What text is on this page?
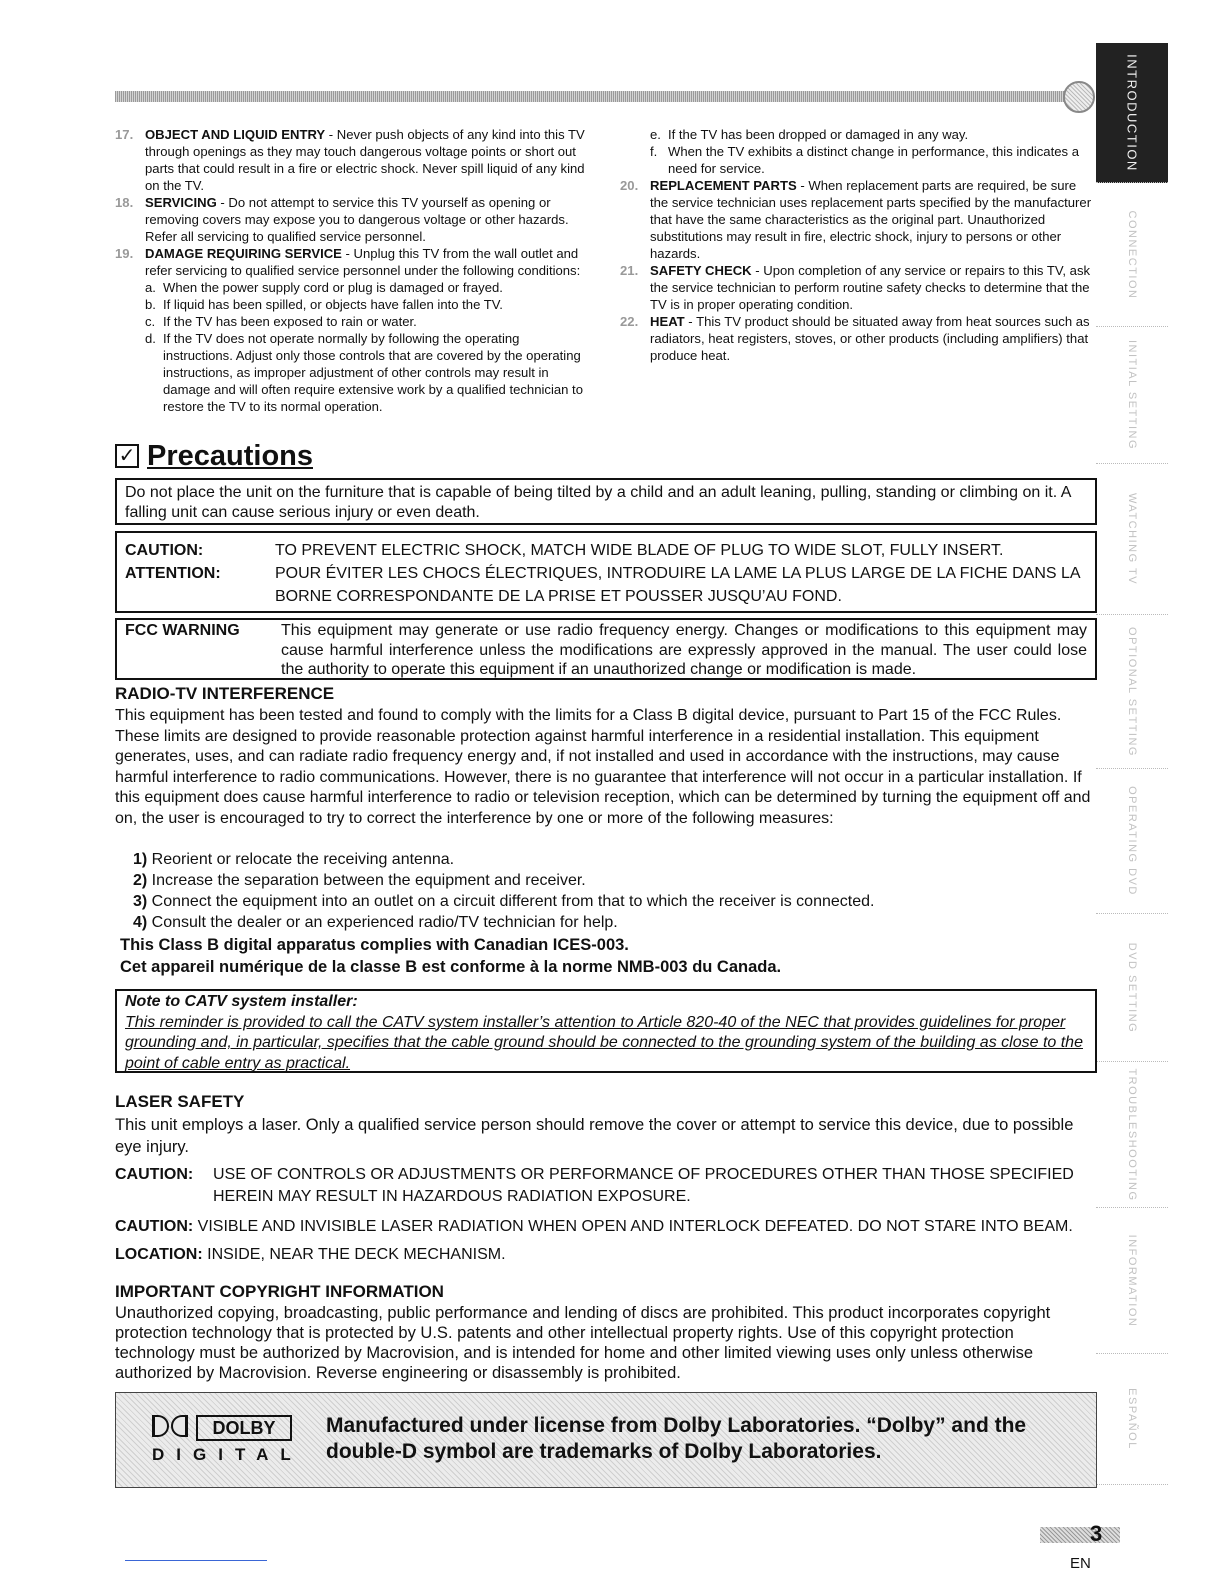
INTRODUCTION
CONNECTION
INITIAL SETTING
WATCHING TV
OPTIONAL SETTING
OPERATING DVD
DVD SETTING
TROUBLESHOOTING
INFORMATION
ESPAÑOL
17. OBJECT AND LIQUID ENTRY - Never push objects of any kind into this TV through openings as they may touch dangerous voltage points or short out parts that could result in a fire or electric shock. Never spill liquid of any kind on the TV.
18. SERVICING - Do not attempt to service this TV yourself as opening or removing covers may expose you to dangerous voltage or other hazards. Refer all servicing to qualified service personnel.
19. DAMAGE REQUIRING SERVICE - Unplug this TV from the wall outlet and refer servicing to qualified service personnel under the following conditions:
a. When the power supply cord or plug is damaged or frayed.
b. If liquid has been spilled, or objects have fallen into the TV.
c. If the TV has been exposed to rain or water.
d. If the TV does not operate normally by following the operating instructions. Adjust only those controls that are covered by the operating instructions, as improper adjustment of other controls may result in damage and will often require extensive work by a qualified technician to restore the TV to its normal operation.
e. If the TV has been dropped or damaged in any way.
f. When the TV exhibits a distinct change in performance, this indicates a need for service.
20. REPLACEMENT PARTS - When replacement parts are required, be sure the service technician uses replacement parts specified by the manufacturer that have the same characteristics as the original part. Unauthorized substitutions may result in fire, electric shock, injury to persons or other hazards.
21. SAFETY CHECK - Upon completion of any service or repairs to this TV, ask the service technician to perform routine safety checks to determine that the TV is in proper operating condition.
22. HEAT - This TV product should be situated away from heat sources such as radiators, heat registers, stoves, or other products (including amplifiers) that produce heat.
✓ Precautions
Do not place the unit on the furniture that is capable of being tilted by a child and an adult leaning, pulling, standing or climbing on it. A falling unit can cause serious injury or even death.
CAUTION:	TO PREVENT ELECTRIC SHOCK, MATCH WIDE BLADE OF PLUG TO WIDE SLOT, FULLY INSERT.
ATTENTION:	POUR ÉVITER LES CHOCS ÉLECTRIQUES, INTRODUIRE LA LAME LA PLUS LARGE DE LA FICHE DANS LA BORNE CORRESPONDANTE DE LA PRISE ET POUSSER JUSQU’AU FOND.
FCC WARNING	This equipment may generate or use radio frequency energy. Changes or modifications to this equipment may cause harmful interference unless the modifications are expressly approved in the manual. The user could lose the authority to operate this equipment if an unauthorized change or modification is made.
RADIO-TV INTERFERENCE
This equipment has been tested and found to comply with the limits for a Class B digital device, pursuant to Part 15 of the FCC Rules. These limits are designed to provide reasonable protection against harmful interference in a residential installation. This equipment generates, uses, and can radiate radio frequency energy and, if not installed and used in accordance with the instructions, may cause harmful interference to radio communications. However, there is no guarantee that interference will not occur in a particular installation. If this equipment does cause harmful interference to radio or television reception, which can be determined by turning the equipment off and on, the user is encouraged to try to correct the interference by one or more of the following measures:
1) Reorient or relocate the receiving antenna.
2) Increase the separation between the equipment and receiver.
3) Connect the equipment into an outlet on a circuit different from that to which the receiver is connected.
4) Consult the dealer or an experienced radio/TV technician for help.
This Class B digital apparatus complies with Canadian ICES-003.
Cet appareil numérique de la classe B est conforme à la norme NMB-003 du Canada.
Note to CATV system installer:
This reminder is provided to call the CATV system installer’s attention to Article 820-40 of the NEC that provides guidelines for proper grounding and, in particular, specifies that the cable ground should be connected to the grounding system of the building as close to the point of cable entry as practical.
LASER SAFETY
This unit employs a laser. Only a qualified service person should remove the cover or attempt to service this device, due to possible eye injury.
CAUTION:	USE OF CONTROLS OR ADJUSTMENTS OR PERFORMANCE OF PROCEDURES OTHER THAN THOSE SPECIFIED HEREIN MAY RESULT IN HAZARDOUS RADIATION EXPOSURE.
CAUTION: VISIBLE AND INVISIBLE LASER RADIATION WHEN OPEN AND INTERLOCK DEFEATED. DO NOT STARE INTO BEAM.
LOCATION: INSIDE, NEAR THE DECK MECHANISM.
IMPORTANT COPYRIGHT INFORMATION
Unauthorized copying, broadcasting, public performance and lending of discs are prohibited. This product incorporates copyright protection technology that is protected by U.S. patents and other intellectual property rights. Use of this copyright protection technology must be authorized by Macrovision, and is intended for home and other limited viewing uses only unless otherwise authorized by Macrovision. Reverse engineering or disassembly is prohibited.
DOLBY
DIGITAL
Manufactured under license from Dolby Laboratories. “Dolby” and the double-D symbol are trademarks of Dolby Laboratories.
3
EN
